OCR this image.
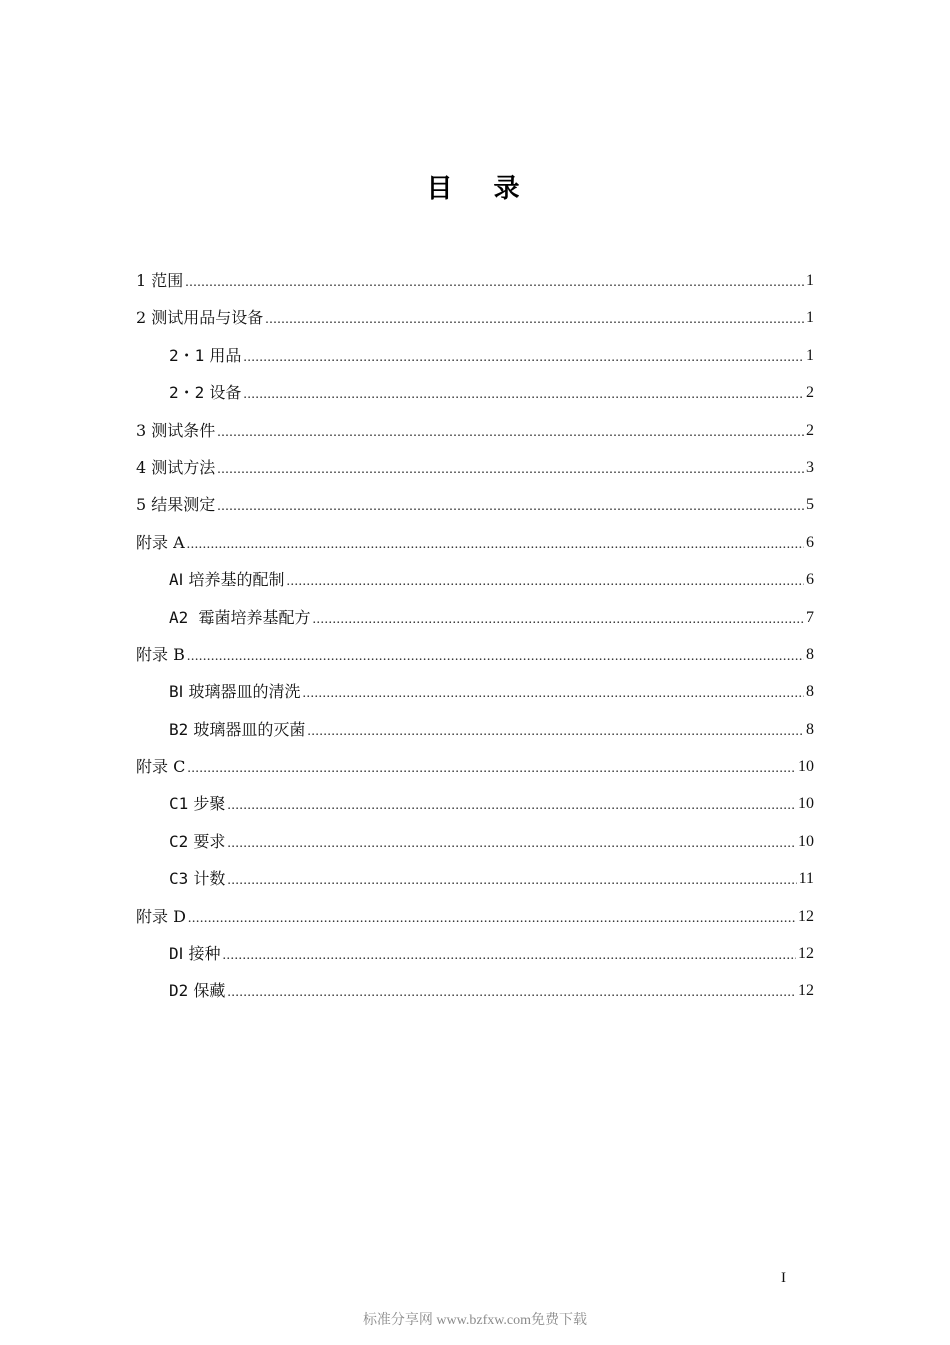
目 录
1 范围 .....	1
2 测试用品与设备 .....	1
2・1 用品 .....	1
2・2 设备 .....	2
3 测试条件 .....	2
4 测试方法 .....	3
5 结果测定 .....	5
附录 A .....	6
AⅠ 培养基的配制 .....	6
A2  霉菌培养基配方 .....	7
附录 B .....	8
BⅠ 玻璃器皿的清洗 .....	8
B2 玻璃器皿的灭菌 .....	8
附录 C .....	10
C1 步聚 .....	10
C2 要求 .....	10
C3 计数 .....	11
附录 D .....	12
DⅠ 接种 .....	12
D2 保藏 .....	12
I
标准分享网 www.bzfxw.com免费下载
